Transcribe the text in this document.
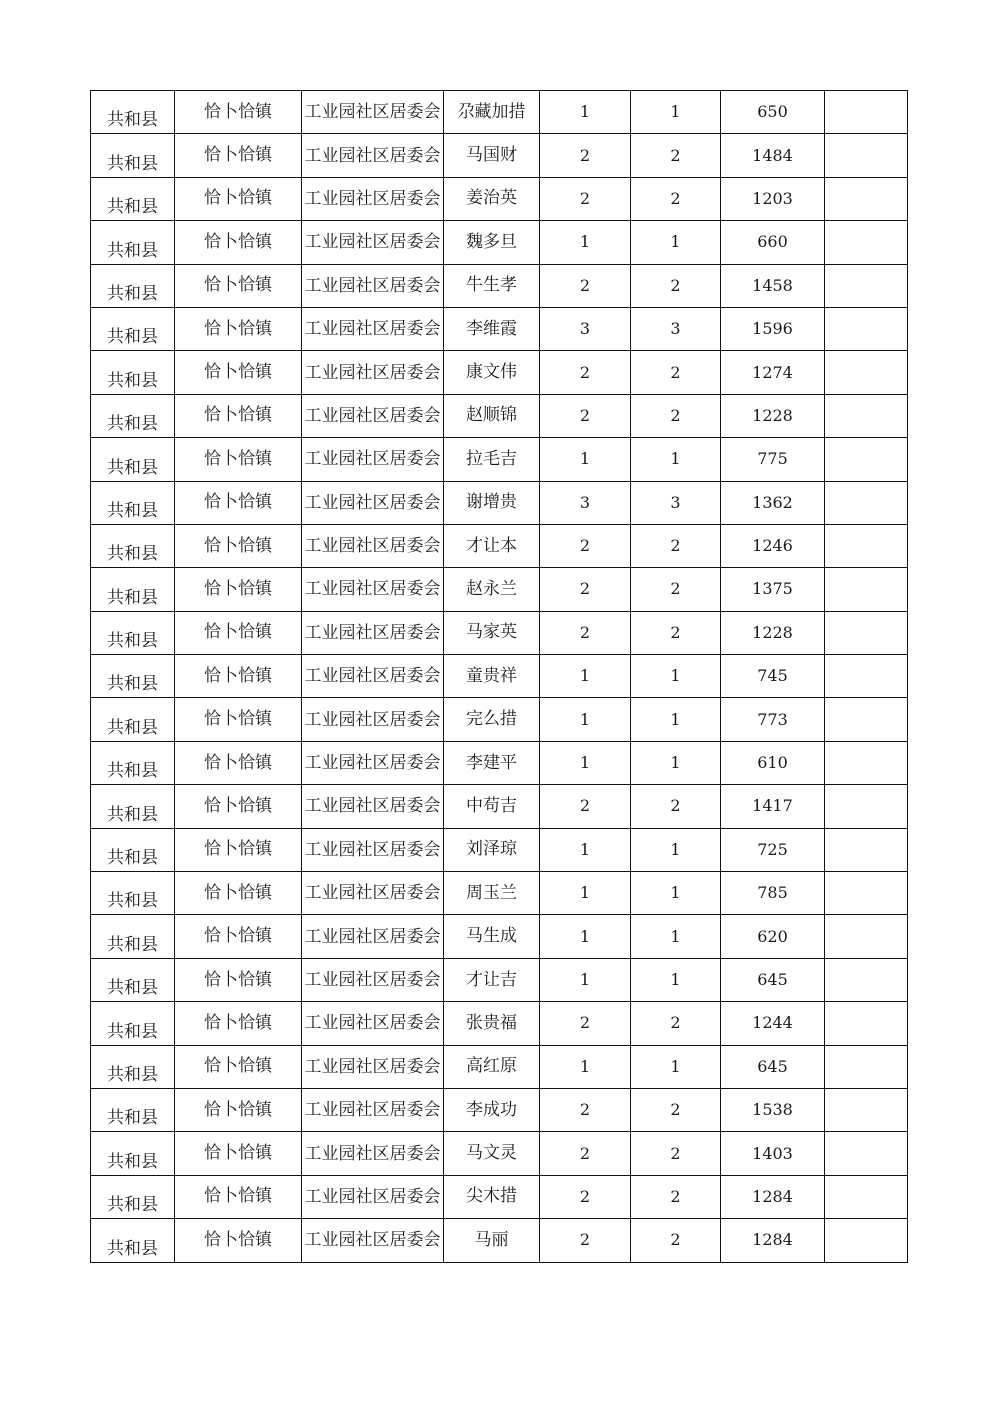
共和县	恰卜恰镇	工业园社区居委会	尕藏加措	1	1	650	
共和县	恰卜恰镇	工业园社区居委会	马国财	2	2	1484	
共和县	恰卜恰镇	工业园社区居委会	姜治英	2	2	1203	
共和县	恰卜恰镇	工业园社区居委会	魏多旦	1	1	660	
共和县	恰卜恰镇	工业园社区居委会	牛生孝	2	2	1458	
共和县	恰卜恰镇	工业园社区居委会	李维霞	3	3	1596	
共和县	恰卜恰镇	工业园社区居委会	康文伟	2	2	1274	
共和县	恰卜恰镇	工业园社区居委会	赵顺锦	2	2	1228	
共和县	恰卜恰镇	工业园社区居委会	拉毛吉	1	1	775	
共和县	恰卜恰镇	工业园社区居委会	谢增贵	3	3	1362	
共和县	恰卜恰镇	工业园社区居委会	才让本	2	2	1246	
共和县	恰卜恰镇	工业园社区居委会	赵永兰	2	2	1375	
共和县	恰卜恰镇	工业园社区居委会	马家英	2	2	1228	
共和县	恰卜恰镇	工业园社区居委会	童贵祥	1	1	745	
共和县	恰卜恰镇	工业园社区居委会	完么措	1	1	773	
共和县	恰卜恰镇	工业园社区居委会	李建平	1	1	610	
共和县	恰卜恰镇	工业园社区居委会	中苟吉	2	2	1417	
共和县	恰卜恰镇	工业园社区居委会	刘泽琼	1	1	725	
共和县	恰卜恰镇	工业园社区居委会	周玉兰	1	1	785	
共和县	恰卜恰镇	工业园社区居委会	马生成	1	1	620	
共和县	恰卜恰镇	工业园社区居委会	才让吉	1	1	645	
共和县	恰卜恰镇	工业园社区居委会	张贵福	2	2	1244	
共和县	恰卜恰镇	工业园社区居委会	高红原	1	1	645	
共和县	恰卜恰镇	工业园社区居委会	李成功	2	2	1538	
共和县	恰卜恰镇	工业园社区居委会	马文灵	2	2	1403	
共和县	恰卜恰镇	工业园社区居委会	尖木措	2	2	1284	
共和县	恰卜恰镇	工业园社区居委会	马丽	2	2	1284	
